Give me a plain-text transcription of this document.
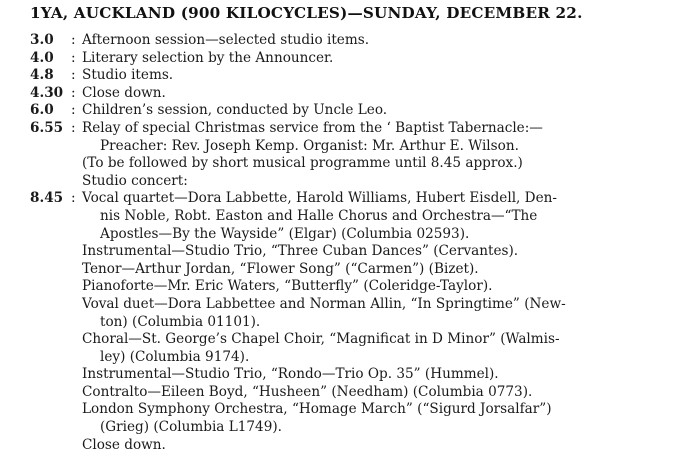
1YA, AUCKLAND (900 KILOCYCLES)—SUNDAY, DECEMBER 22.
3.0	: Afternoon session—selected studio items.
4.0	: Literary selection by the Announcer.
4.8	: Studio items.
4.30 : Close down.
6.0	: Children’s session, conducted by Uncle Leo.
6.55 : Relay of special Christmas service from the ‘ Baptist Tabernacle:—
Preacher: Rev. Joseph Kemp. Organist: Mr. Arthur E. Wilson.
(To be followed by short musical programme until 8.45 approx.)
Studio concert:
8.45 : Vocal quartet—Dora Labbette, Harold Williams, Hubert Eisdell, Den-
nis Noble, Robt. Easton and Halle Chorus and Orchestra—“The
Apostles—By the Wayside” (Elgar) (Columbia 02593).
Instrumental—Studio Trio, “Three Cuban Dances” (Cervantes).
Tenor—Arthur Jordan, “Flower Song” (“Carmen”) (Bizet).
Pianoforte—Mr. Eric Waters, “Butterfly” (Coleridge-Taylor).
Voval duet—Dora Labbettee and Norman Allin, “In Springtime” (New-
ton) (Columbia 01101).
Choral—St. George’s Chapel Choir, “Magnificat in D Minor” (Walmis-
ley) (Columbia 9174).
Instrumental—Studio Trio, “Rondo—Trio Op. 35” (Hummel).
Contralto—Eileen Boyd, “Husheen” (Needham) (Columbia 0773).
London Symphony Orchestra, “Homage March” (“Sigurd Jorsalfar”)
(Grieg) (Columbia L1749).
Close down.
